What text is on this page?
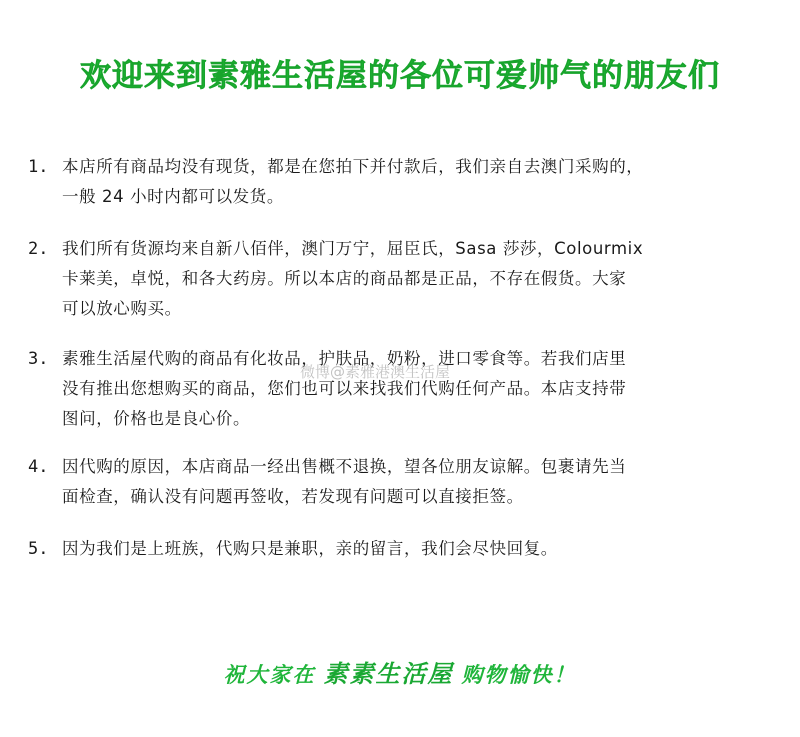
欢迎来到素雅生活屋的各位可爱帅气的朋友们
1. 本店所有商品均没有现货，都是在您拍下并付款后，我们亲自去澳门采购的，
一般 24 小时内都可以发货。
2. 我们所有货源均来自新八佰伴，澳门万宁，屈臣氏，Sasa 莎莎，Colourmix
卡莱美，卓悦，和各大药房。所以本店的商品都是正品，不存在假货。大家
可以放心购买。
3. 素雅生活屋代购的商品有化妆品，护肤品，奶粉，进口零食等。若我们店里
没有推出您想购买的商品，您们也可以来找我们代购任何产品。本店支持带
图问，价格也是良心价。
4. 因代购的原因，本店商品一经出售概不退换，望各位朋友谅解。包裹请先当
面检查，确认没有问题再签收，若发现有问题可以直接拒签。
5. 因为我们是上班族，代购只是兼职，亲的留言，我们会尽快回复。
微博@素雅港澳生活屋
祝大家在 素素生活屋 购物愉快！
